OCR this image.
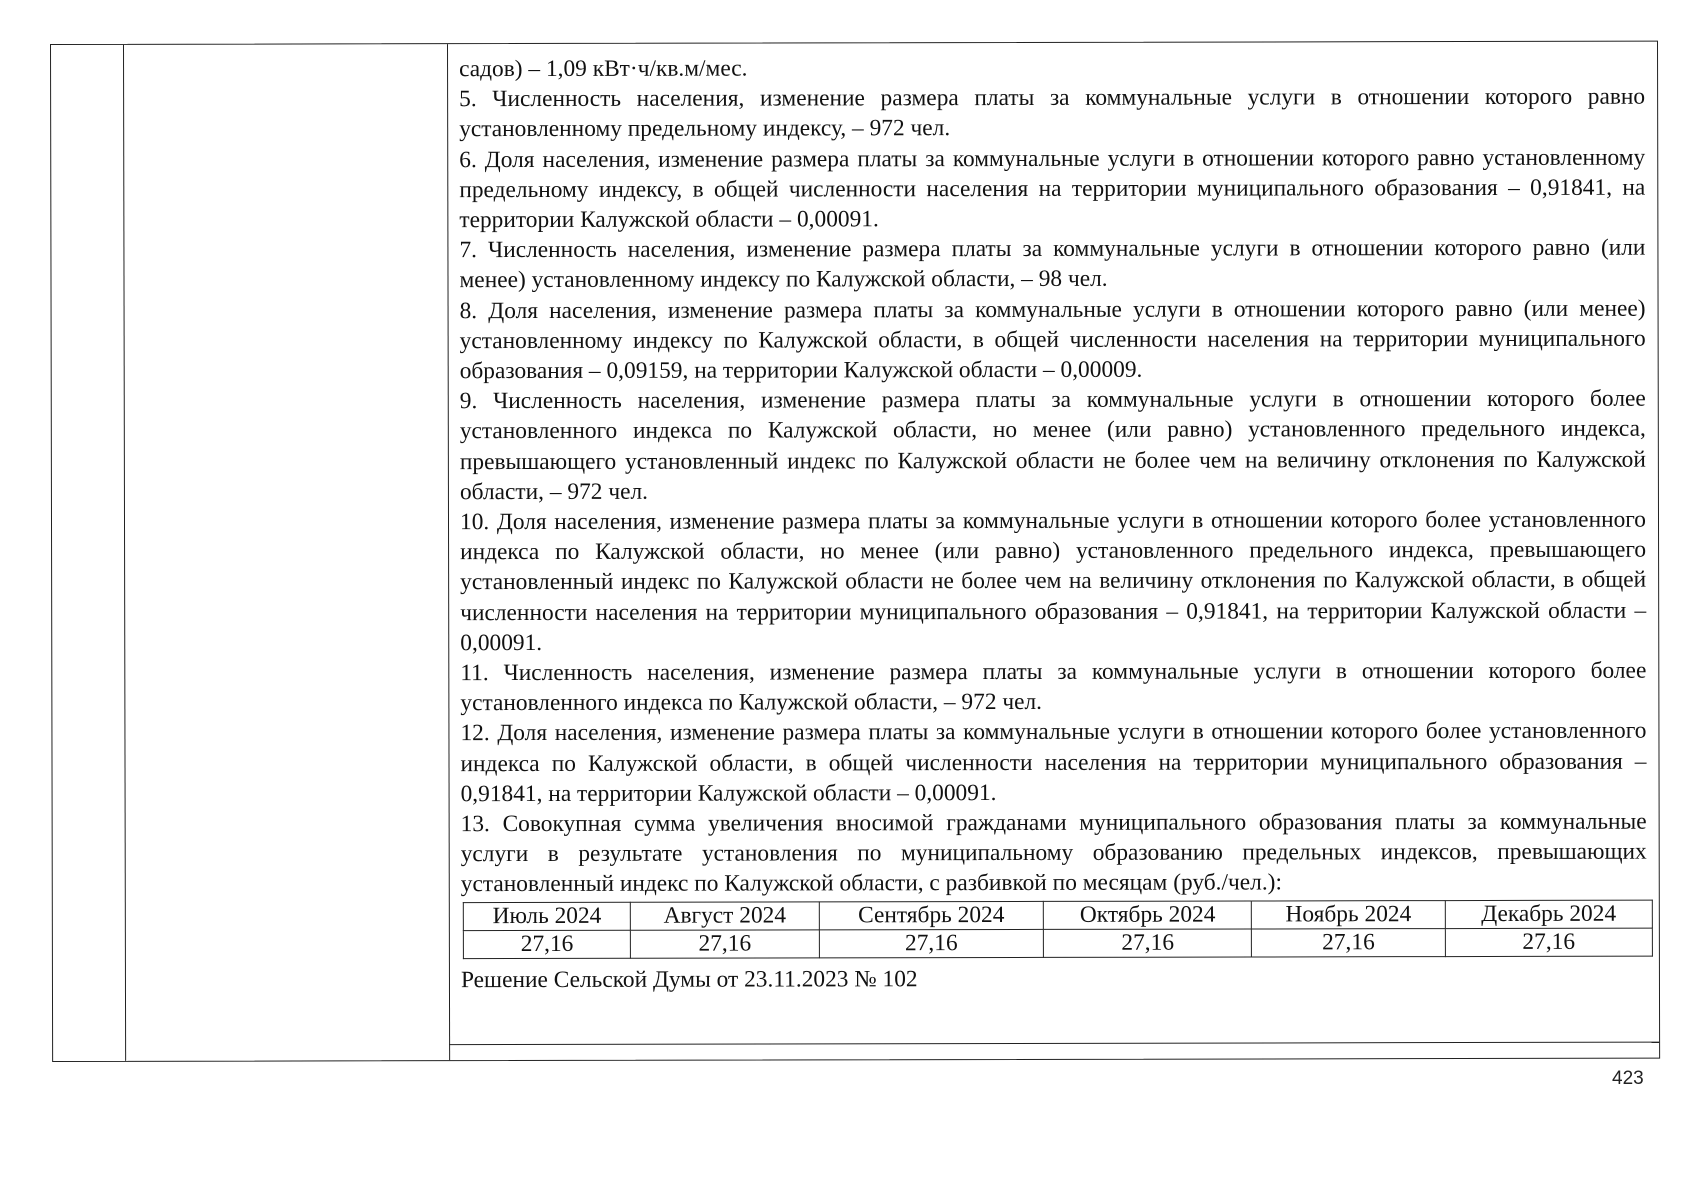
садов) – 1,09 кВт·ч/кв.м/мес.

5. Численность населения, изменение размера платы за коммунальные услуги в отношении которого равно установленному предельному индексу, – 972 чел.

6. Доля населения, изменение размера платы за коммунальные услуги в отношении которого равно установленному предельному индексу, в общей численности населения на территории муниципального образования – 0,91841, на территории Калужской области – 0,00091.

7. Численность населения, изменение размера платы за коммунальные услуги в отношении которого равно (или менее) установленному индексу по Калужской области, – 98 чел.

8. Доля населения, изменение размера платы за коммунальные услуги в отношении которого равно (или менее) установленному индексу по Калужской области, в общей численности населения на территории муниципального образования – 0,09159, на территории Калужской области – 0,00009.

9. Численность населения, изменение размера платы за коммунальные услуги в отношении которого более установленного индекса по Калужской области, но менее (или равно) установленного предельного индекса, превышающего установленный индекс по Калужской области не более чем на величину отклонения по Калужской области, – 972 чел.

10. Доля населения, изменение размера платы за коммунальные услуги в отношении которого более установленного индекса по Калужской области, но менее (или равно) установленного предельного индекса, превышающего установленный индекс по Калужской области не более чем на величину отклонения по Калужской области, в общей численности населения на территории муниципального образования – 0,91841, на территории Калужской области – 0,00091.

11. Численность населения, изменение размера платы за коммунальные услуги в отношении которого более установленного индекса по Калужской области, – 972 чел.

12. Доля населения, изменение размера платы за коммунальные услуги в отношении которого более установленного индекса по Калужской области, в общей численности населения на территории муниципального образования – 0,91841, на территории Калужской области – 0,00091.

13. Совокупная сумма увеличения вносимой гражданами муниципального образования платы за коммунальные услуги в результате установления по муниципальному образованию предельных индексов, превышающих установленный индекс по Калужской области, с разбивкой по месяцам (руб./чел.):

Июль 2024	Август 2024	Сентябрь 2024	Октябрь 2024	Ноябрь 2024	Декабрь 2024
27,16	27,16	27,16	27,16	27,16	27,16

Решение Сельской Думы от 23.11.2023 № 102

423
